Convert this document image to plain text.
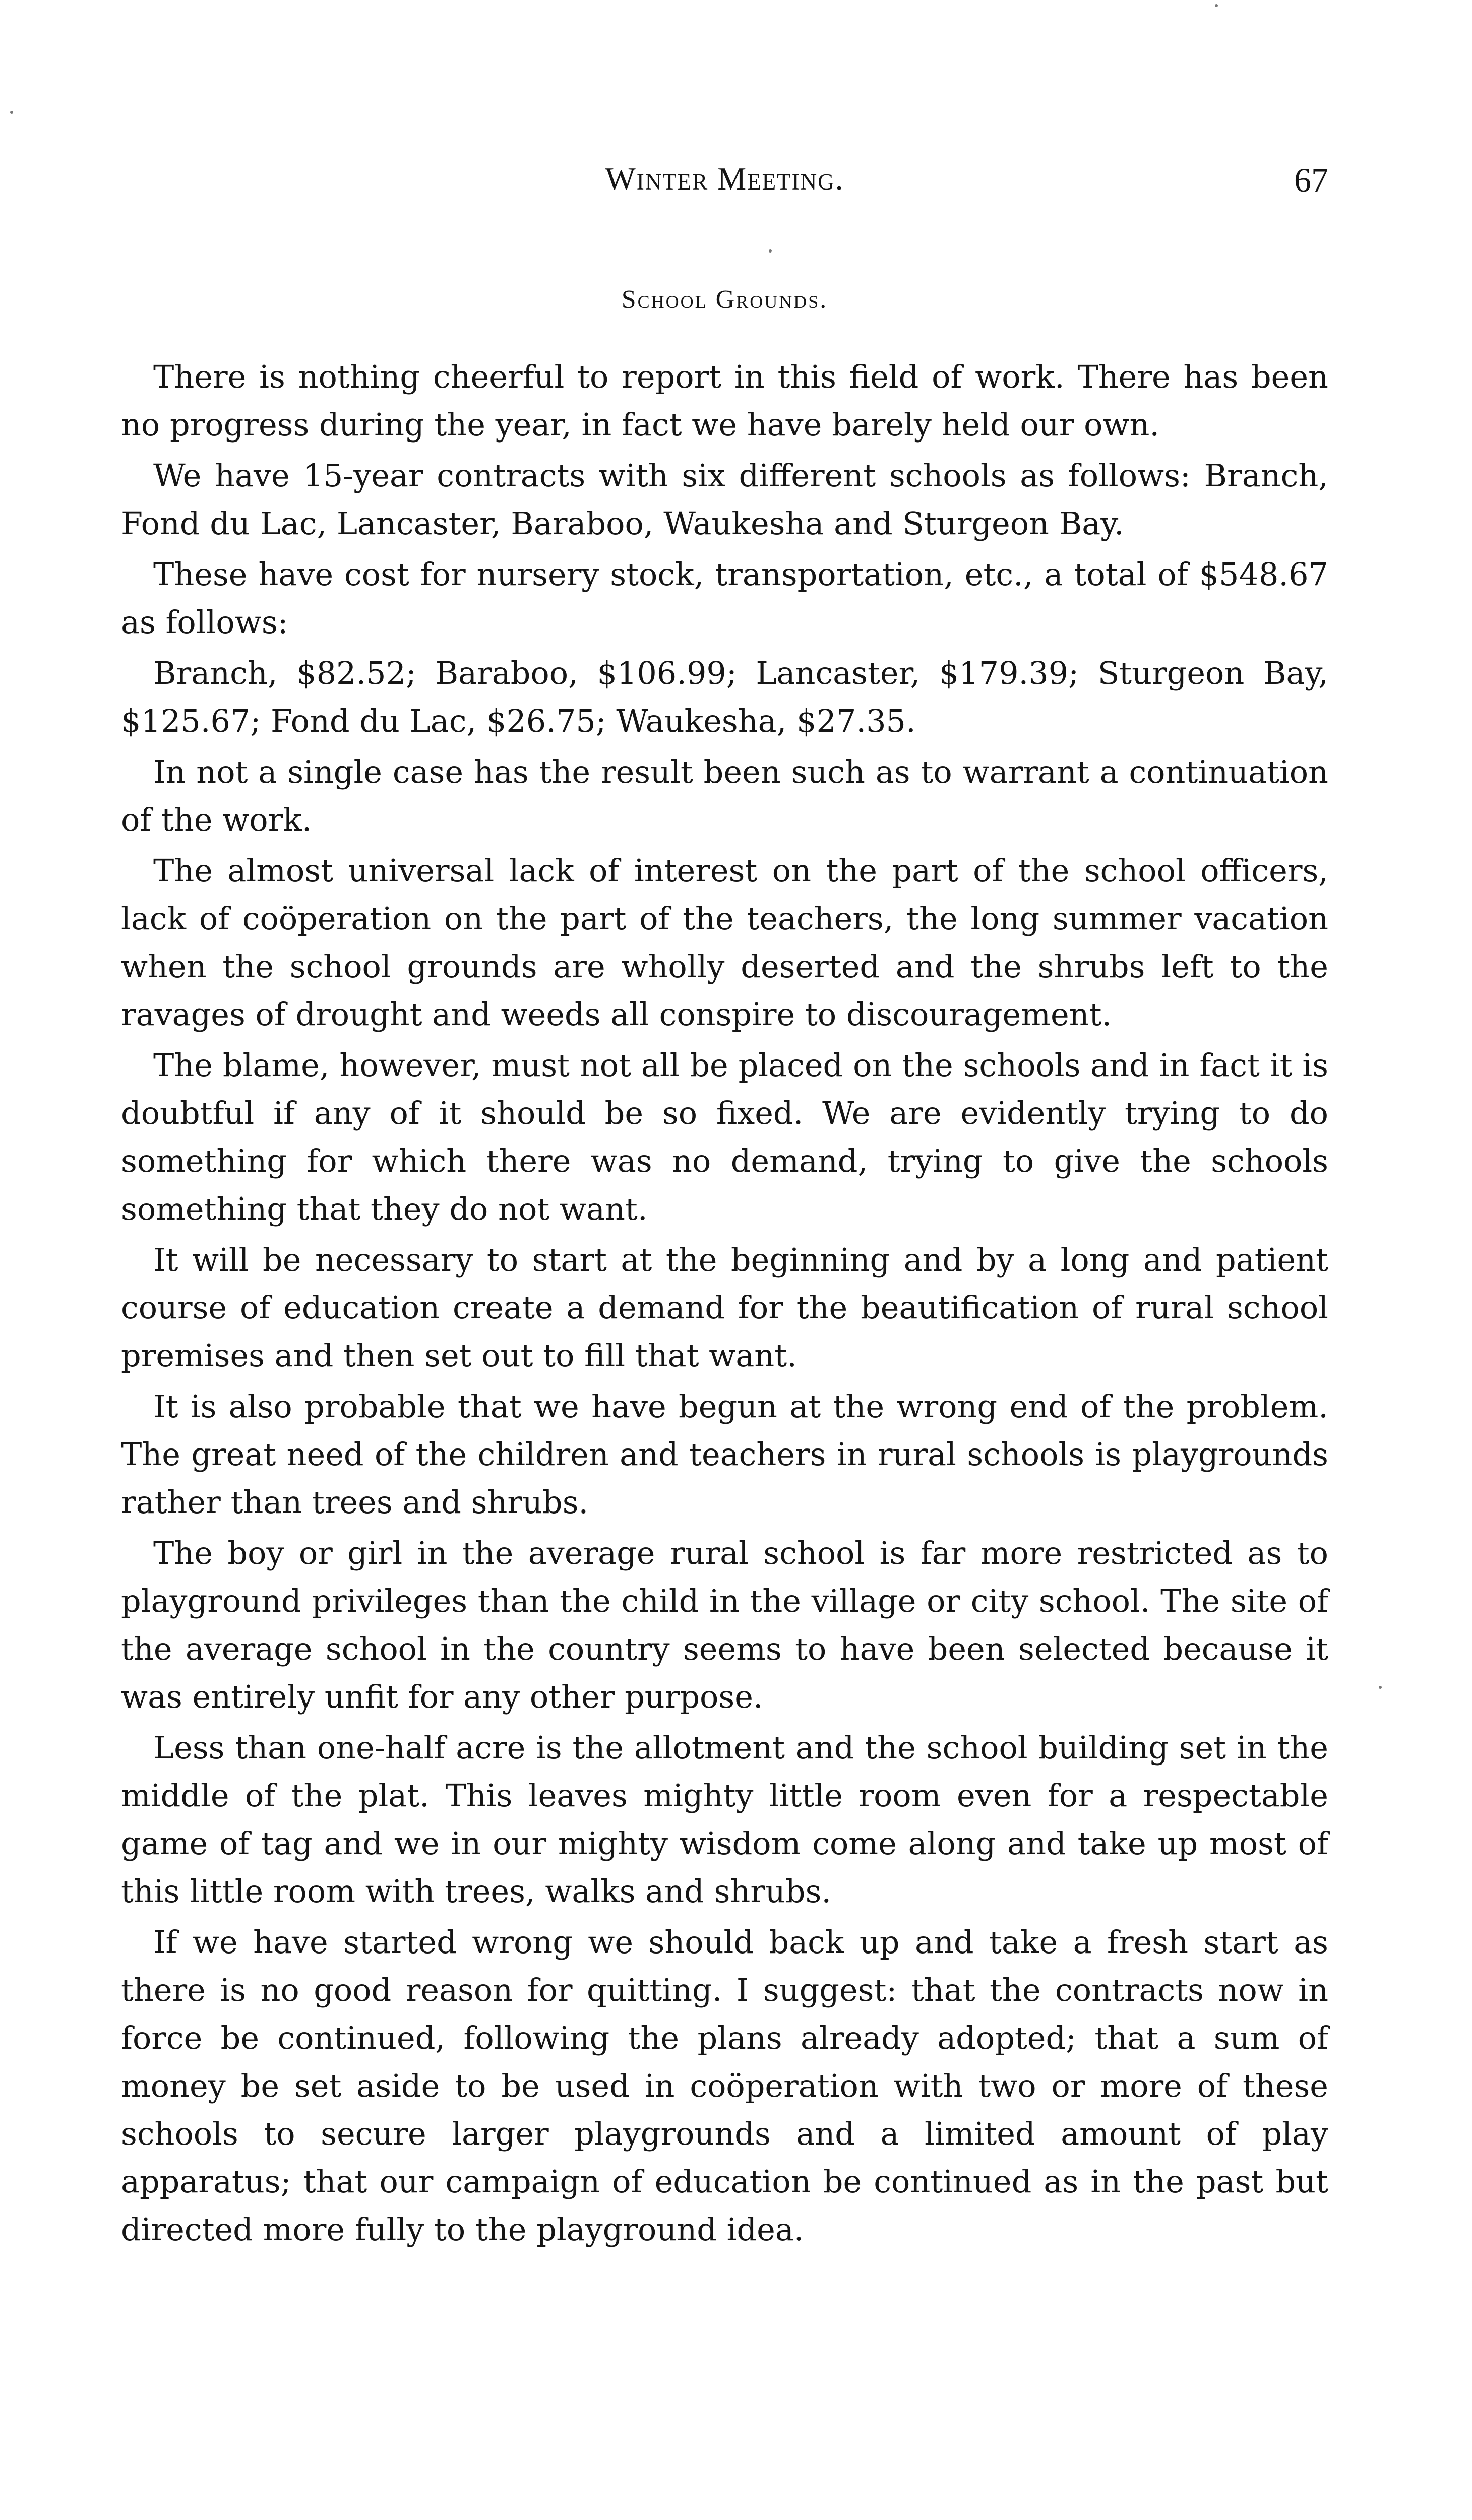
Winter Meeting.	67
School Grounds.

There is nothing cheerful to report in this field of work. There has been no progress during the year, in fact we have barely held our own.

We have 15-year contracts with six different schools as follows: Branch, Fond du Lac, Lancaster, Baraboo, Waukesha and Sturgeon Bay.

These have cost for nursery stock, transportation, etc., a total of $548.67 as follows:

Branch, $82.52; Baraboo, $106.99; Lancaster, $179.39; Sturgeon Bay, $125.67; Fond du Lac, $26.75; Waukesha, $27.35.

In not a single case has the result been such as to warrant a continuation of the work.

The almost universal lack of interest on the part of the school officers, lack of coöperation on the part of the teachers, the long summer vacation when the school grounds are wholly deserted and the shrubs left to the ravages of drought and weeds all conspire to discouragement.

The blame, however, must not all be placed on the schools and in fact it is doubtful if any of it should be so fixed. We are evidently trying to do something for which there was no demand, trying to give the schools something that they do not want.

It will be necessary to start at the beginning and by a long and patient course of education create a demand for the beautification of rural school premises and then set out to fill that want.

It is also probable that we have begun at the wrong end of the problem. The great need of the children and teachers in rural schools is playgrounds rather than trees and shrubs.

The boy or girl in the average rural school is far more restricted as to playground privileges than the child in the village or city school. The site of the average school in the country seems to have been selected because it was entirely unfit for any other purpose.

Less than one-half acre is the allotment and the school building set in the middle of the plat. This leaves mighty little room even for a respectable game of tag and we in our mighty wisdom come along and take up most of this little room with trees, walks and shrubs.

If we have started wrong we should back up and take a fresh start as there is no good reason for quitting. I suggest: that the contracts now in force be continued, following the plans already adopted; that a sum of money be set aside to be used in coöperation with two or more of these schools to secure larger playgrounds and a limited amount of play apparatus; that our campaign of education be continued as in the past but directed more fully to the playground idea.
